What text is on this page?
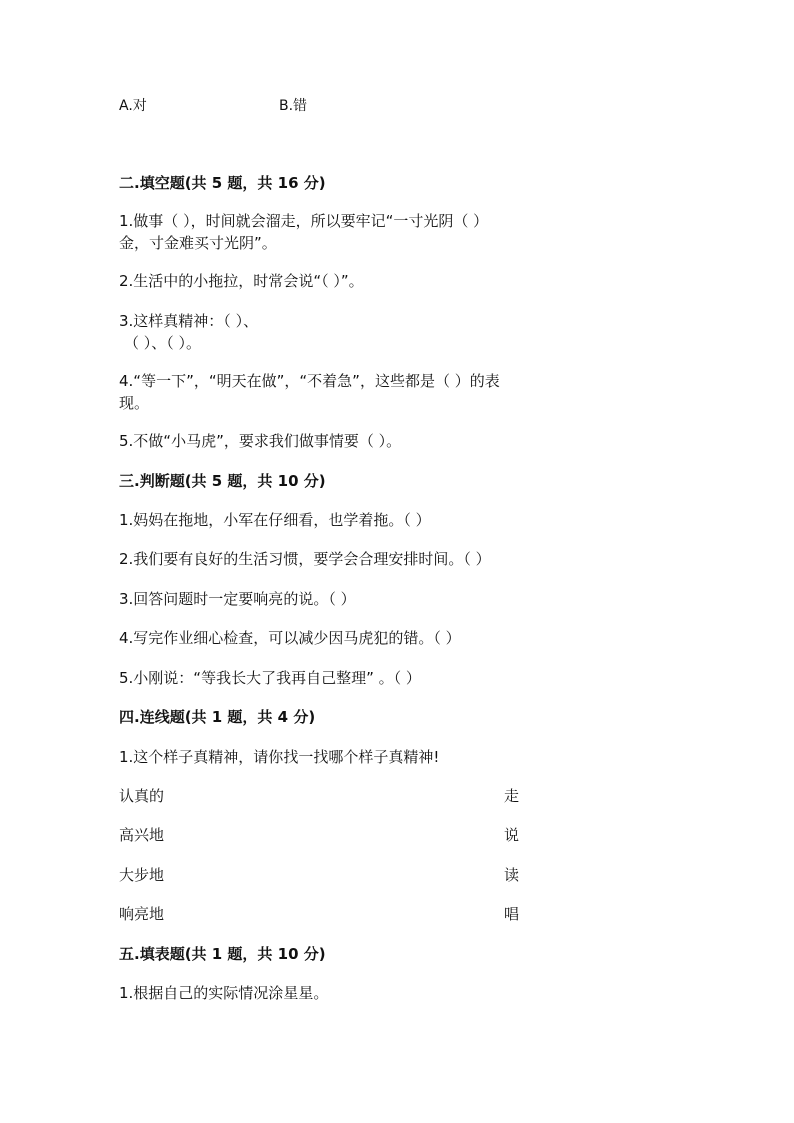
A.对	B.错
二.填空题(共 5 题，共 16 分)
1.做事（ ），时间就会溜走，所以要牢记“一寸光阴（ ）
金，寸金难买寸光阴”。
2.生活中的小拖拉，时常会说“（ ）”。
3.这样真精神：（ ）、
（ ）、（ ）。
4.“等一下”，“明天在做”，“不着急”，这些都是（ ）的表
现。
5.不做“小马虎”，要求我们做事情要（ ）。
三.判断题(共 5 题，共 10 分)
1.妈妈在拖地，小军在仔细看，也学着拖。（ ）
2.我们要有良好的生活习惯，要学会合理安排时间。（ ）
3.回答问题时一定要响亮的说。（ ）
4.写完作业细心检查，可以减少因马虎犯的错。（ ）
5.小刚说：“等我长大了我再自己整理” 。（ ）
四.连线题(共 1 题，共 4 分)
1.这个样子真精神，请你找一找哪个样子真精神!
认真的	走
高兴地	说
大步地	读
响亮地	唱
五.填表题(共 1 题，共 10 分)
1.根据自己的实际情况涂星星。
